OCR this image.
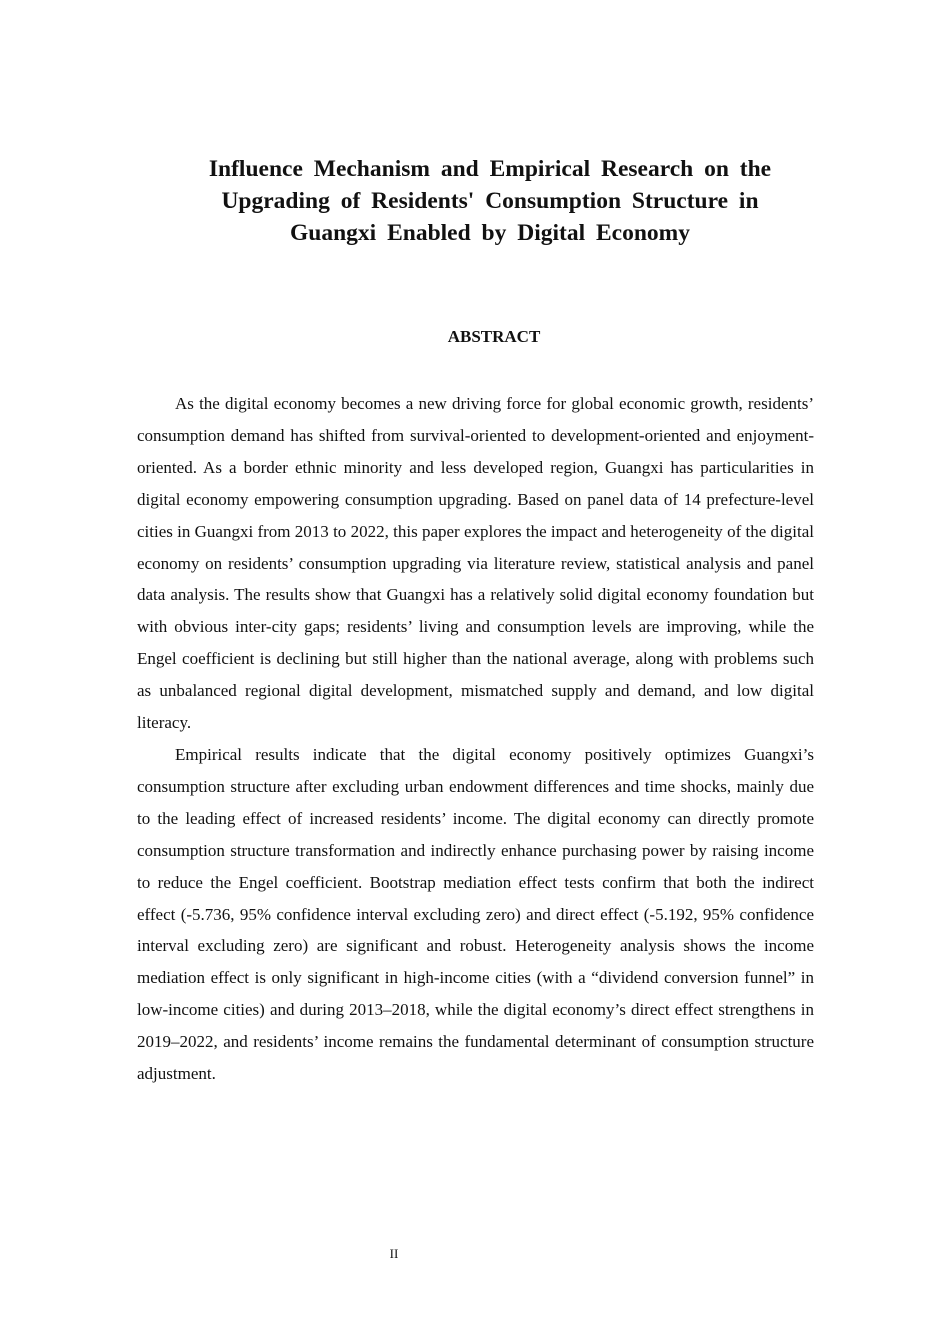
Influence Mechanism and Empirical Research on the
Upgrading of Residents' Consumption Structure in
Guangxi Enabled by Digital Economy
ABSTRACT

As the digital economy becomes a new driving force for global economic growth, residents’ consumption demand has shifted from survival-oriented to development-oriented and enjoyment-oriented. As a border ethnic minority and less developed region, Guangxi has particularities in digital economy empowering consumption upgrading. Based on panel data of 14 prefecture-level cities in Guangxi from 2013 to 2022, this paper explores the impact and heterogeneity of the digital economy on residents’ consumption upgrading via literature review, statistical analysis and panel data analysis. The results show that Guangxi has a relatively solid digital economy foundation but with obvious inter-city gaps; residents’ living and consumption levels are improving, while the Engel coefficient is declining but still higher than the national average, along with problems such as unbalanced regional digital development, mismatched supply and demand, and low digital literacy.

Empirical results indicate that the digital economy positively optimizes Guangxi’s consumption structure after excluding urban endowment differences and time shocks, mainly due to the leading effect of increased residents’ income. The digital economy can directly promote consumption structure transformation and indirectly enhance purchasing power by raising income to reduce the Engel coefficient. Bootstrap mediation effect tests confirm that both the indirect effect (-5.736, 95% confidence interval excluding zero) and direct effect (-5.192, 95% confidence interval excluding zero) are significant and robust. Heterogeneity analysis shows the income mediation effect is only significant in high-income cities (with a “dividend conversion funnel” in low-income cities) and during 2013–2018, while the digital economy’s direct effect strengthens in 2019–2022, and residents’ income remains the fundamental determinant of consumption structure adjustment.

II
